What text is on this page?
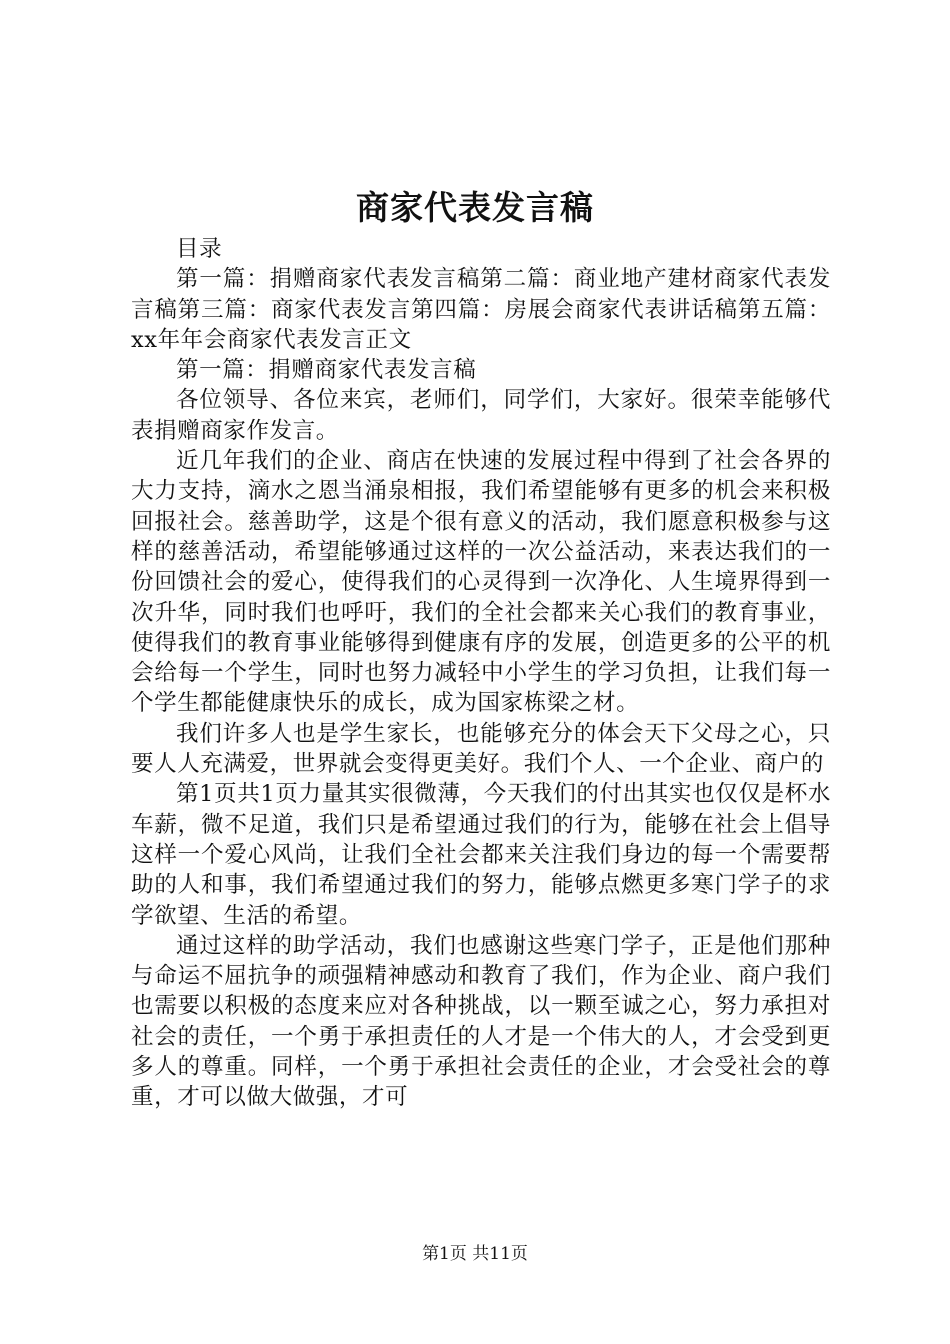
商家代表发言稿

目录

第一篇：捐赠商家代表发言稿第二篇：商业地产建材商家代表发言稿第三篇：商家代表发言第四篇：房展会商家代表讲话稿第五篇：xx年年会商家代表发言正文

第一篇：捐赠商家代表发言稿

各位领导、各位来宾，老师们，同学们，大家好。很荣幸能够代表捐赠商家作发言。

近几年我们的企业、商店在快速的发展过程中得到了社会各界的大力支持，滴水之恩当涌泉相报，我们希望能够有更多的机会来积极回报社会。慈善助学，这是个很有意义的活动，我们愿意积极参与这样的慈善活动，希望能够通过这样的一次公益活动，来表达我们的一份回馈社会的爱心，使得我们的心灵得到一次净化、人生境界得到一次升华，同时我们也呼吁，我们的全社会都来关心我们的教育事业，使得我们的教育事业能够得到健康有序的发展，创造更多的公平的机会给每一个学生，同时也努力减轻中小学生的学习负担，让我们每一个学生都能健康快乐的成长，成为国家栋梁之材。

我们许多人也是学生家长，也能够充分的体会天下父母之心，只要人人充满爱，世界就会变得更美好。我们个人、一个企业、商户的

第1页共1页力量其实很微薄，今天我们的付出其实也仅仅是杯水车薪，微不足道，我们只是希望通过我们的行为，能够在社会上倡导这样一个爱心风尚，让我们全社会都来关注我们身边的每一个需要帮助的人和事，我们希望通过我们的努力，能够点燃更多寒门学子的求学欲望、生活的希望。

通过这样的助学活动，我们也感谢这些寒门学子，正是他们那种与命运不屈抗争的顽强精神感动和教育了我们，作为企业、商户我们也需要以积极的态度来应对各种挑战，以一颗至诚之心，努力承担对社会的责任，一个勇于承担责任的人才是一个伟大的人，才会受到更多人的尊重。同样，一个勇于承担社会责任的企业，才会受社会的尊重，才可以做大做强，才可

第1页 共11页
